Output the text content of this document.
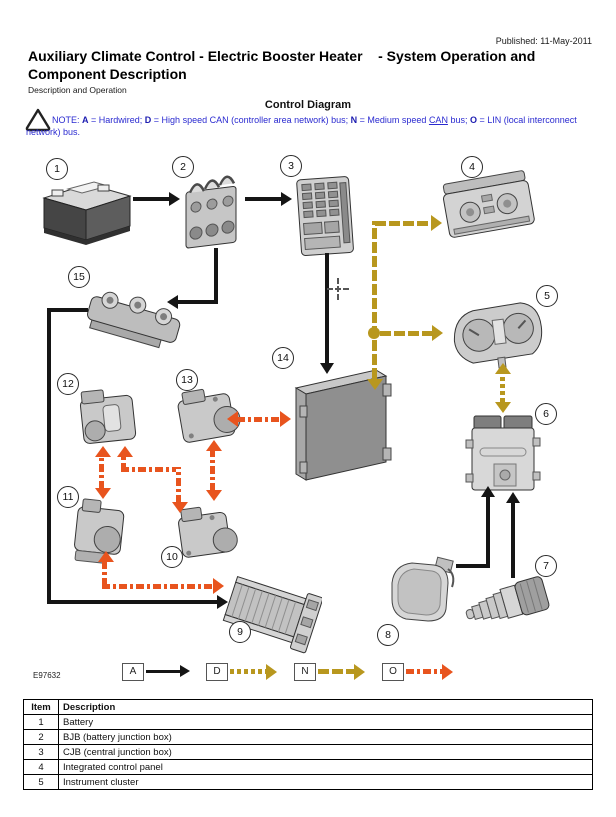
Published: 11-May-2011
Auxiliary Climate Control - Electric Booster Heater    - System Operation and
Component Description
Description and Operation
Control Diagram
NOTE: A = Hardwired; D = High speed CAN (controller area network) bus; N = Medium speed CAN bus; O = LIN (local interconnect network) bus.
1	2	3	4
5
6
7
8
9
10
11
12	13
14
15
A	D	N	O
E97632
Item	Description
1	Battery
2	BJB (battery junction box)
3	CJB (central junction box)
4	Integrated control panel
5	Instrument cluster
